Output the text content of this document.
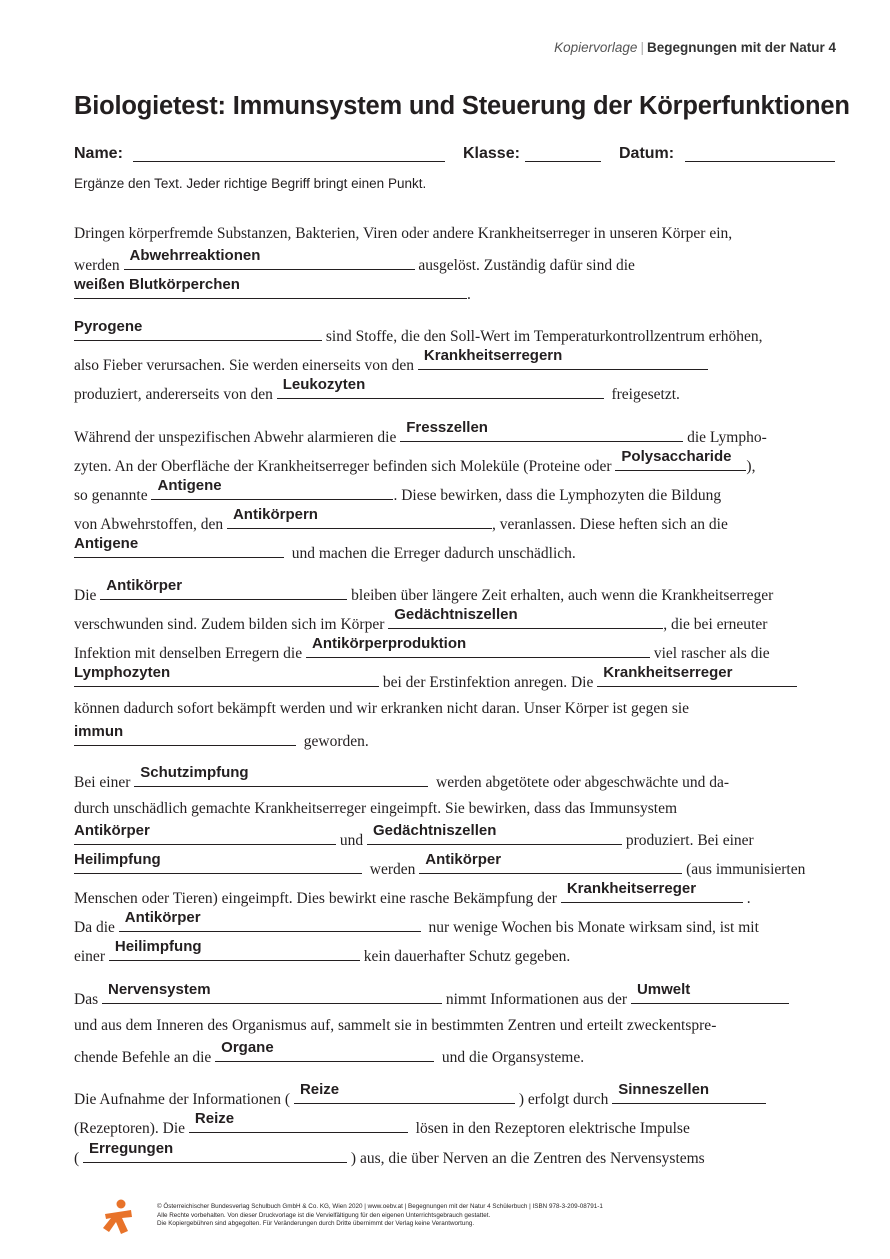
Kopiervorlage | Begegnungen mit der Natur 4
Biologietest: Immunsystem und Steuerung der Körperfunktionen
Name:	Klasse:	Datum:
Ergänze den Text. Jeder richtige Begriff bringt einen Punkt.
Dringen körperfremde Substanzen, Bakterien, Viren oder andere Krankheitserreger in unseren Körper ein,
werden
Abwehrreaktionen
ausgelöst. Zuständig dafür sind die
weißen Blutkörperchen
.
Pyrogene
sind Stoffe, die den Soll-Wert im Temperaturkontrollzentrum erhöhen,
also Fieber verursachen. Sie werden einerseits von den
Krankheitserregern
produziert, andererseits von den
Leukozyten
freigesetzt.
Während der unspezifischen Abwehr alarmieren die
Fresszellen
die Lympho-
zyten. An der Oberfläche der Krankheitserreger befinden sich Moleküle (Proteine oder
Polysaccharide
),
so genannte
Antigene
. Diese bewirken, dass die Lymphozyten die Bildung
von Abwehrstoffen, den
Antikörpern
, veranlassen. Diese heften sich an die
Antigene
und machen die Erreger dadurch unschädlich.
Die
Antikörper
bleiben über längere Zeit erhalten, auch wenn die Krankheitserreger
verschwunden sind. Zudem bilden sich im Körper
Gedächtniszellen
, die bei erneuter
Infektion mit denselben Erregern die
Antikörperproduktion
viel rascher als die
Lymphozyten
bei der Erstinfektion anregen. Die
Krankheitserreger
können dadurch sofort bekämpft werden und wir erkranken nicht daran. Unser Körper ist gegen sie
immun
geworden.
Bei einer
Schutzimpfung
werden abgetötete oder abgeschwächte und da-
durch unschädlich gemachte Krankheitserreger eingeimpft. Sie bewirken, dass das Immunsystem
Antikörper
und
Gedächtniszellen
produziert. Bei einer
Heilimpfung
werden
Antikörper
(aus immunisierten
Menschen oder Tieren) eingeimpft. Dies bewirkt eine rasche Bekämpfung der
Krankheitserreger
.
Da die
Antikörper
nur wenige Wochen bis Monate wirksam sind, ist mit
einer
Heilimpfung
kein dauerhafter Schutz gegeben.
Das
Nervensystem
nimmt Informationen aus der
Umwelt
und aus dem Inneren des Organismus auf, sammelt sie in bestimmten Zentren und erteilt zweckentspre-
chende Befehle an die
Organe
und die Organsysteme.
Die Aufnahme der Informationen (
Reize
) erfolgt durch
Sinneszellen
(Rezeptoren). Die
Reize
lösen in den Rezeptoren elektrische Impulse
(
Erregungen
) aus, die über Nerven an die Zentren des Nervensystems
© Österreichischer Bundesverlag Schulbuch GmbH & Co. KG, Wien 2020 | www.oebv.at | Begegnungen mit der Natur 4 Schülerbuch | ISBN 978-3-209-08791-1
Alle Rechte vorbehalten. Von dieser Druckvorlage ist die Vervielfältigung für den eigenen Unterrichtsgebrauch gestattet.
Die Kopiergebühren sind abgegolten. Für Veränderungen durch Dritte übernimmt der Verlag keine Verantwortung.
